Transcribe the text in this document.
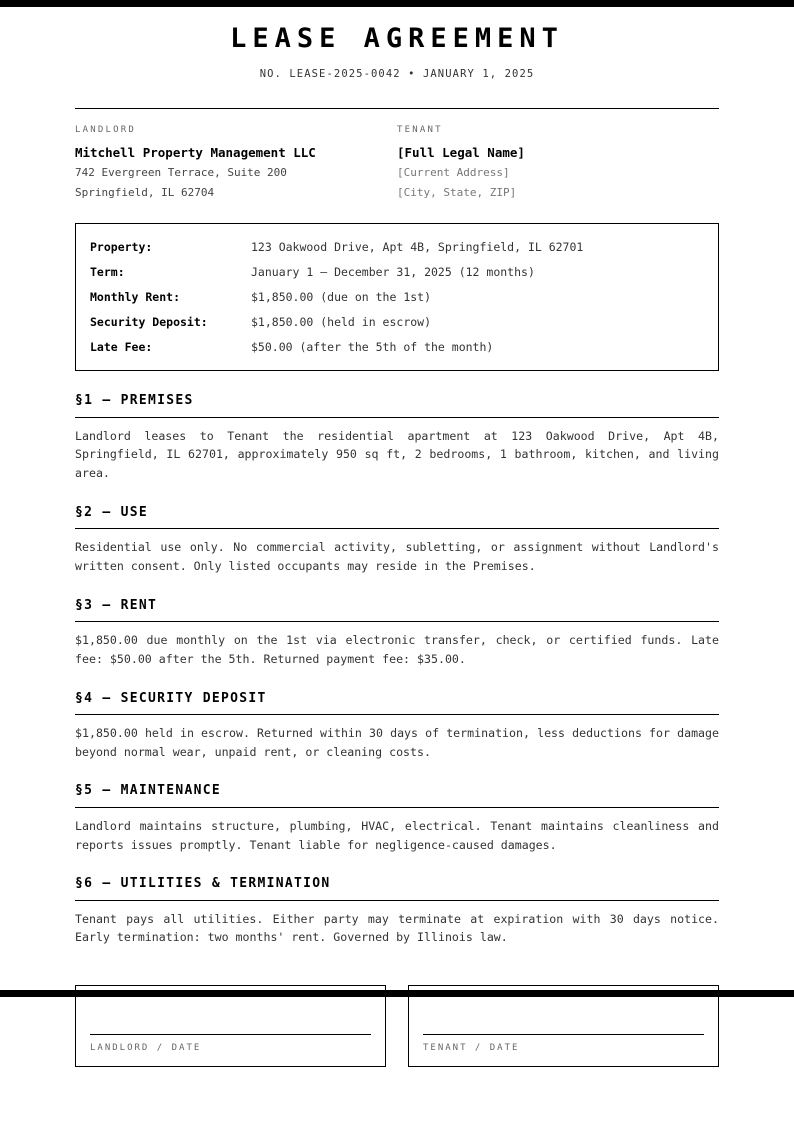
LEASE AGREEMENT
NO. LEASE-2025-0042 • JANUARY 1, 2025
LANDLORD
Mitchell Property Management LLC
742 Evergreen Terrace, Suite 200
Springfield, IL 62704
TENANT
[Full Legal Name]
[Current Address]
[City, State, ZIP]
Property:	123 Oakwood Drive, Apt 4B, Springfield, IL 62701
Term:	January 1 — December 31, 2025 (12 months)
Monthly Rent:	$1,850.00 (due on the 1st)
Security Deposit:	$1,850.00 (held in escrow)
Late Fee:	$50.00 (after the 5th of the month)
§1 — PREMISES
Landlord leases to Tenant the residential apartment at 123 Oakwood Drive, Apt 4B, Springfield, IL 62701, approximately 950 sq ft, 2 bedrooms, 1 bathroom, kitchen, and living area.
§2 — USE
Residential use only. No commercial activity, subletting, or assignment without Landlord's written consent. Only listed occupants may reside in the Premises.
§3 — RENT
$1,850.00 due monthly on the 1st via electronic transfer, check, or certified funds. Late fee: $50.00 after the 5th. Returned payment fee: $35.00.
§4 — SECURITY DEPOSIT
$1,850.00 held in escrow. Returned within 30 days of termination, less deductions for damage beyond normal wear, unpaid rent, or cleaning costs.
§5 — MAINTENANCE
Landlord maintains structure, plumbing, HVAC, electrical. Tenant maintains cleanliness and reports issues promptly. Tenant liable for negligence-caused damages.
§6 — UTILITIES & TERMINATION
Tenant pays all utilities. Either party may terminate at expiration with 30 days notice. Early termination: two months' rent. Governed by Illinois law.
LANDLORD / DATE	TENANT / DATE
